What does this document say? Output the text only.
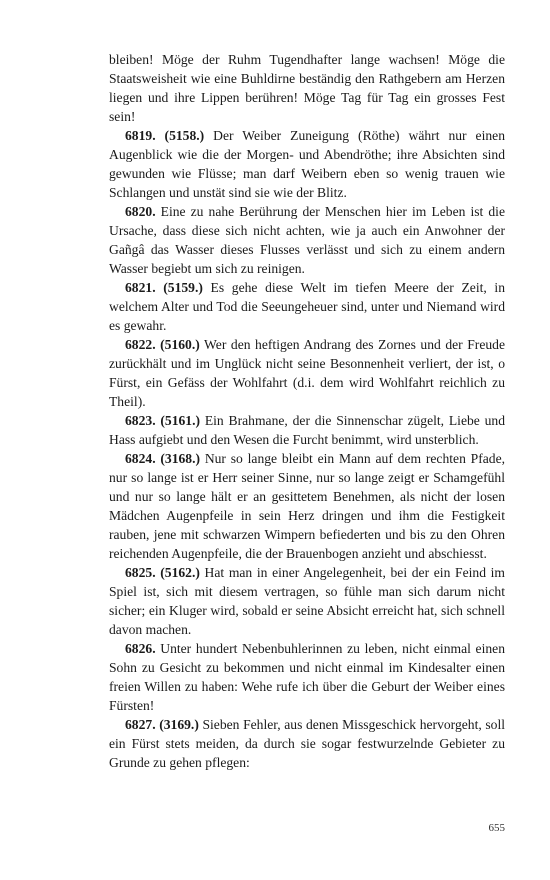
bleiben! Möge der Ruhm Tugendhafter lange wachsen! Möge die Staatsweisheit wie eine Buhldirne beständig den Rathgebern am Herzen liegen und ihre Lippen berühren! Möge Tag für Tag ein grosses Fest sein!

6819. (5158.) Der Weiber Zuneigung (Röthe) währt nur einen Augenblick wie die der Morgen- und Abendröthe; ihre Absichten sind gewunden wie Flüsse; man darf Weibern eben so wenig trauen wie Schlangen und unstät sind sie wie der Blitz.

6820. Eine zu nahe Berührung der Menschen hier im Leben ist die Ursache, dass diese sich nicht achten, wie ja auch ein Anwohner der Gañgâ das Wasser dieses Flusses verlässt und sich zu einem andern Wasser begiebt um sich zu reinigen.

6821. (5159.) Es gehe diese Welt im tiefen Meere der Zeit, in welchem Alter und Tod die Seeungeheuer sind, unter und Niemand wird es gewahr.

6822. (5160.) Wer den heftigen Andrang des Zornes und der Freude zurückhält und im Unglück nicht seine Besonnenheit verliert, der ist, o Fürst, ein Gefäss der Wohlfahrt (d.i. dem wird Wohlfahrt reichlich zu Theil).

6823. (5161.) Ein Brahmane, der die Sinnenschar zügelt, Liebe und Hass aufgiebt und den Wesen die Furcht benimmt, wird unsterblich.

6824. (3168.) Nur so lange bleibt ein Mann auf dem rechten Pfade, nur so lange ist er Herr seiner Sinne, nur so lange zeigt er Schamgefühl und nur so lange hält er an gesittetem Benehmen, als nicht der losen Mädchen Augenpfeile in sein Herz dringen und ihm die Festigkeit rauben, jene mit schwarzen Wimpern befiederten und bis zu den Ohren reichenden Augenpfeile, die der Brauenbogen anzieht und abschiesst.

6825. (5162.) Hat man in einer Angelegenheit, bei der ein Feind im Spiel ist, sich mit diesem vertragen, so fühle man sich darum nicht sicher; ein Kluger wird, sobald er seine Absicht erreicht hat, sich schnell davon machen.

6826. Unter hundert Nebenbuhlerinnen zu leben, nicht einmal einen Sohn zu Gesicht zu bekommen und nicht einmal im Kindesalter einen freien Willen zu haben: Wehe rufe ich über die Geburt der Weiber eines Fürsten!

6827. (3169.) Sieben Fehler, aus denen Missgeschick hervorgeht, soll ein Fürst stets meiden, da durch sie sogar festwurzelnde Gebieter zu Grunde zu gehen pflegen:

655
